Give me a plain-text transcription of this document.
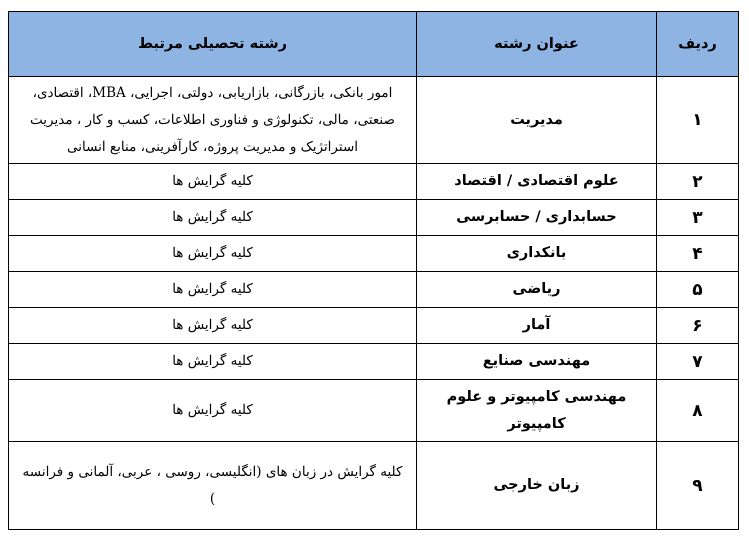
ردیف	عنوان رشته	رشته تحصیلی مرتبط
۱	مدیریت	امور بانکی، بازرگانی، بازاریابی، دولتی، اجرایی، MBA، اقتصادی، صنعتی، مالی، تکنولوژی و فناوری اطلاعات، کسب و کار ، مدیریت استراتژیک و مدیریت پروژه، کارآفرینی، منابع انسانی
۲	علوم اقتصادی / اقتصاد	کلیه گرایش ها
۳	حسابداری / حسابرسی	کلیه گرایش ها
۴	بانکداری	کلیه گرایش ها
۵	ریاضی	کلیه گرایش ها
۶	آمار	کلیه گرایش ها
۷	مهندسی صنایع	کلیه گرایش ها
۸	مهندسی کامپیوتر و علوم کامپیوتر	کلیه گرایش ها
۹	زبان خارجی	کلیه گرایش در زبان های (انگلیسی، روسی ، عربی، آلمانی و فرانسه )
